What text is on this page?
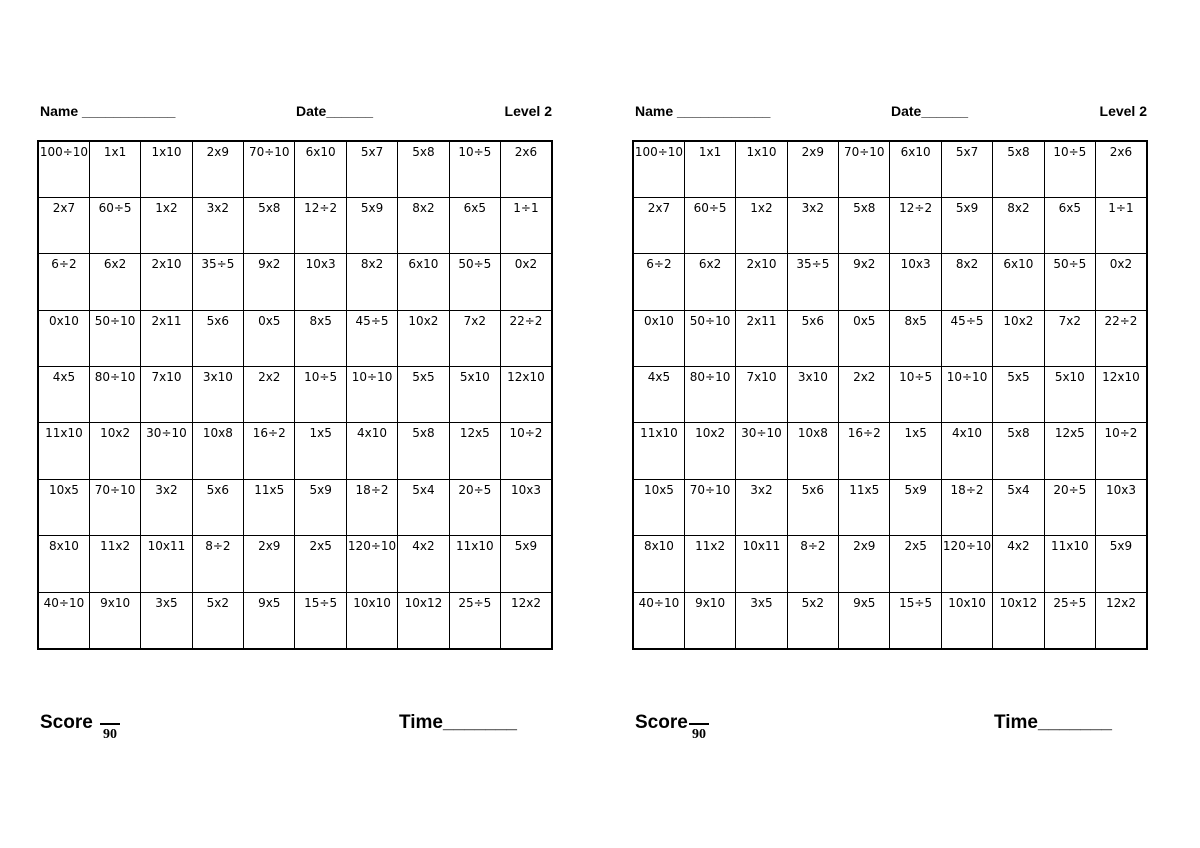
Name ____________	Date______	Level 2
100÷10	1x1	1x10	2x9	70÷10	6x10	5x7	5x8	10÷5	2x6
2x7	60÷5	1x2	3x2	5x8	12÷2	5x9	8x2	6x5	1÷1
6÷2	6x2	2x10	35÷5	9x2	10x3	8x2	6x10	50÷5	0x2
0x10	50÷10	2x11	5x6	0x5	8x5	45÷5	10x2	7x2	22÷2
4x5	80÷10	7x10	3x10	2x2	10÷5	10÷10	5x5	5x10	12x10
11x10	10x2	30÷10	10x8	16÷2	1x5	4x10	5x8	12x5	10÷2
10x5	70÷10	3x2	5x6	11x5	5x9	18÷2	5x4	20÷5	10x3
8x10	11x2	10x11	8÷2	2x9	2x5	120÷10	4x2	11x10	5x9
40÷10	9x10	3x5	5x2	9x5	15÷5	10x10	10x12	25÷5	12x2
Score
90
Time_______
Name ____________	Date______	Level 2
100÷10	1x1	1x10	2x9	70÷10	6x10	5x7	5x8	10÷5	2x6
2x7	60÷5	1x2	3x2	5x8	12÷2	5x9	8x2	6x5	1÷1
6÷2	6x2	2x10	35÷5	9x2	10x3	8x2	6x10	50÷5	0x2
0x10	50÷10	2x11	5x6	0x5	8x5	45÷5	10x2	7x2	22÷2
4x5	80÷10	7x10	3x10	2x2	10÷5	10÷10	5x5	5x10	12x10
11x10	10x2	30÷10	10x8	16÷2	1x5	4x10	5x8	12x5	10÷2
10x5	70÷10	3x2	5x6	11x5	5x9	18÷2	5x4	20÷5	10x3
8x10	11x2	10x11	8÷2	2x9	2x5	120÷10	4x2	11x10	5x9
40÷10	9x10	3x5	5x2	9x5	15÷5	10x10	10x12	25÷5	12x2
Score
90
Time_______
